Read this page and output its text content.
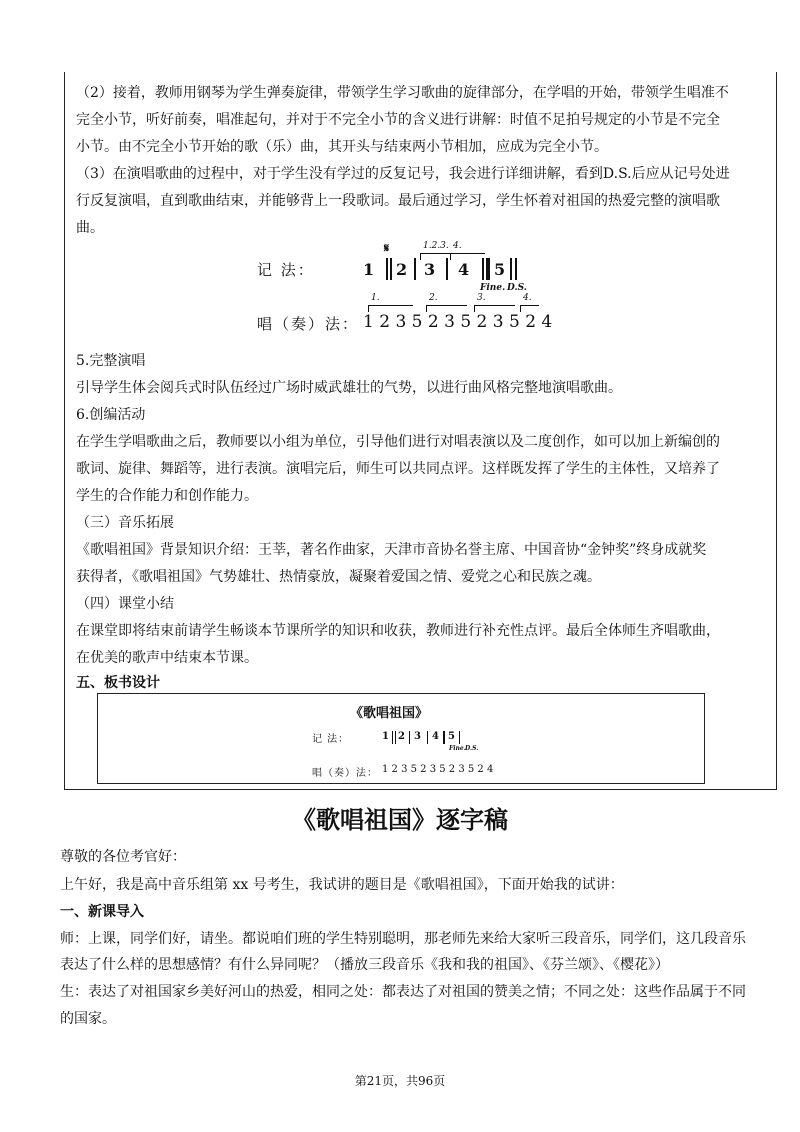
（2）接着，教师用钢琴为学生弹奏旋律，带领学生学习歌曲的旋律部分，在学唱的开始，带领学生唱准不
完全小节，听好前奏，唱准起句，并对于不完全小节的含义进行讲解：时值不足拍号规定的小节是不完全
小节。由不完全小节开始的歌（乐）曲，其开头与结束两小节相加，应成为完全小节。
（3）在演唱歌曲的过程中，对于学生没有学过的反复记号，我会进行详细讲解，看到D.S.后应从记号处进
行反复演唱，直到歌曲结束，并能够背上一段歌词。最后通过学习，学生怀着对祖国的热爱完整的演唱歌
曲。
记 法：	1
𝄋
2
1.2.3.
3
4.
4 5
Fine. D.S.
唱（奏）法： 1 2 3 5 2 3 5 2 3 5 2 4
1.	2.	3.	4.
5.完整演唱
引导学生体会阅兵式时队伍经过广场时威武雄壮的气势，以进行曲风格完整地演唱歌曲。
6.创编活动
在学生学唱歌曲之后，教师要以小组为单位，引导他们进行对唱表演以及二度创作，如可以加上新编创的
歌词、旋律、舞蹈等，进行表演。演唱完后，师生可以共同点评。这样既发挥了学生的主体性，又培养了
学生的合作能力和创作能力。
（三）音乐拓展
《歌唱祖国》背景知识介绍：王莘，著名作曲家，天津市音协名誉主席、中国音协“金钟奖”终身成就奖
获得者，《歌唱祖国》气势雄壮、热情豪放，凝聚着爱国之情、爱党之心和民族之魂。
（四）课堂小结
在课堂即将结束前请学生畅谈本节课所学的知识和收获，教师进行补充性点评。最后全体师生齐唱歌曲，
在优美的歌声中结束本节课。
五、板书设计
《歌唱祖国》
记 法：	1 2 3 4 5
Fine. D.S.
唱（奏）法： 1 2 3 5 2 3 5 2 3 5 2 4
《歌唱祖国》逐字稿
尊敬的各位考官好：
上午好，我是高中音乐组第 xx 号考生，我试讲的题目是《歌唱祖国》，下面开始我的试讲：
一、新课导入
师：上课，同学们好，请坐。都说咱们班的学生特别聪明，那老师先来给大家听三段音乐，同学们，这几段音乐
表达了什么样的思想感情？有什么异同呢？（播放三段音乐《我和我的祖国》、《芬兰颂》、《樱花》）
生：表达了对祖国家乡美好河山的热爱，相同之处：都表达了对祖国的赞美之情；不同之处：这些作品属于不同
的国家。
第21页，共96页
